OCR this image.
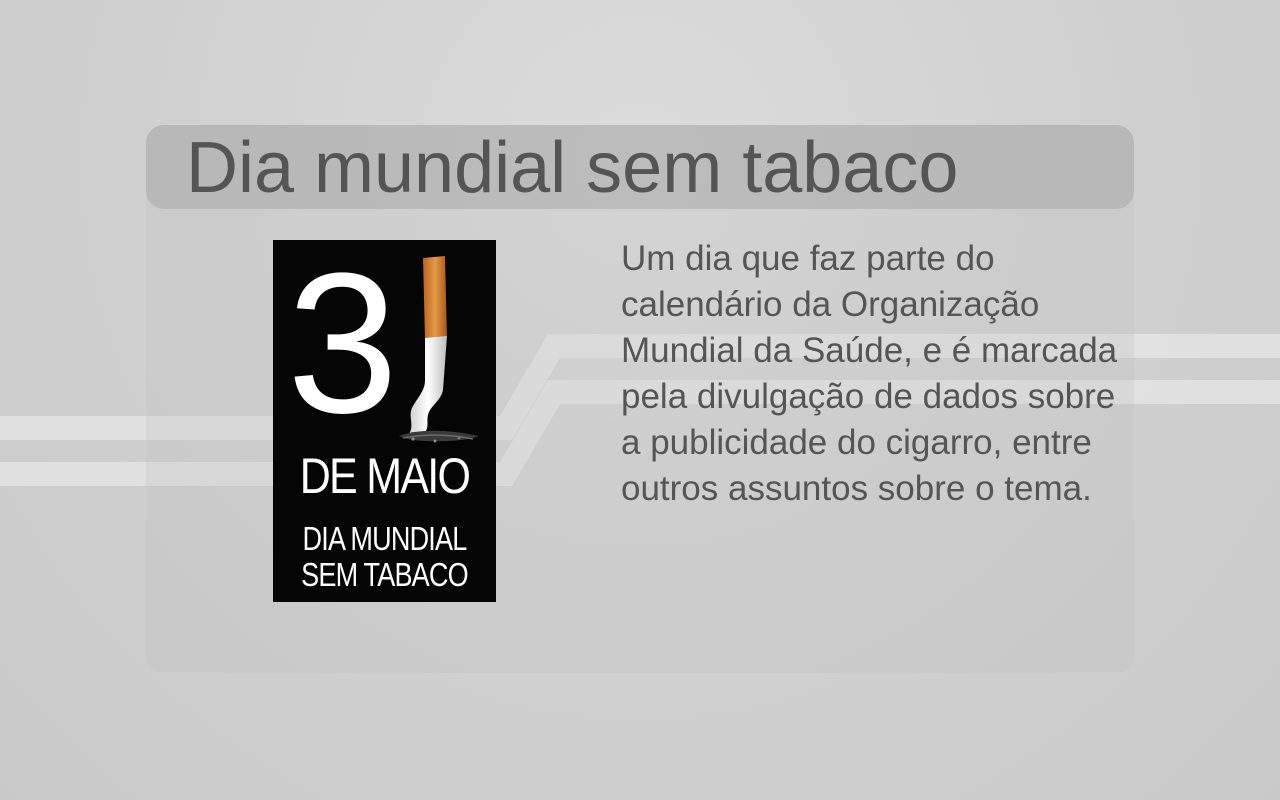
Dia mundial sem tabaco
3
DE MAIO
DIA MUNDIAL
SEM TABACO

Um dia que faz parte do calendário da Organização Mundial da Saúde, e é marcada pela divulgação de dados sobre a publicidade do cigarro, entre outros assuntos sobre o tema.
